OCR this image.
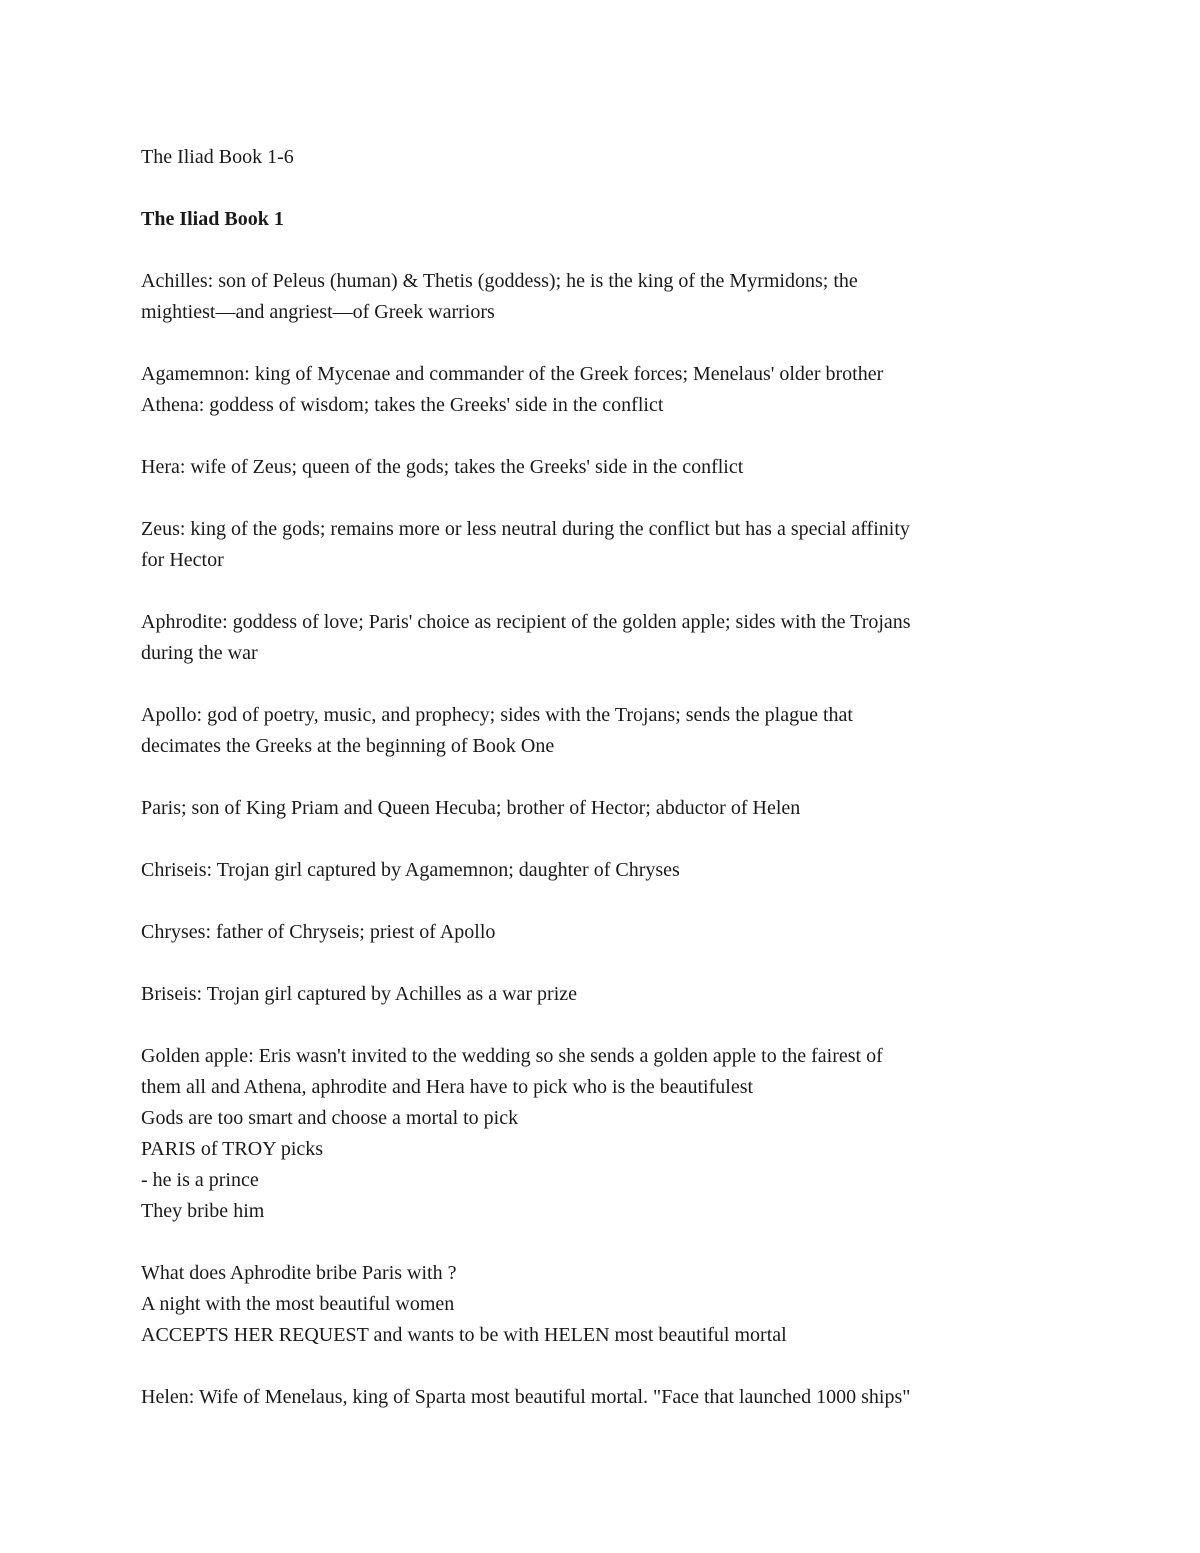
The Iliad Book 1-6

The Iliad Book 1

Achilles: son of Peleus (human) & Thetis (goddess); he is the king of the Myrmidons; the

mightiest—and angriest—of Greek warriors

Agamemnon: king of Mycenae and commander of the Greek forces; Menelaus' older brother

Athena: goddess of wisdom; takes the Greeks' side in the conflict

Hera: wife of Zeus; queen of the gods; takes the Greeks' side in the conflict

Zeus: king of the gods; remains more or less neutral during the conflict but has a special affinity

for Hector

Aphrodite: goddess of love; Paris' choice as recipient of the golden apple; sides with the Trojans

during the war

Apollo: god of poetry, music, and prophecy; sides with the Trojans; sends the plague that

decimates the Greeks at the beginning of Book One

Paris; son of King Priam and Queen Hecuba; brother of Hector; abductor of Helen

Chriseis: Trojan girl captured by Agamemnon; daughter of Chryses

Chryses: father of Chryseis; priest of Apollo

Briseis: Trojan girl captured by Achilles as a war prize

Golden apple: Eris wasn't invited to the wedding so she sends a golden apple to the fairest of

them all and Athena, aphrodite and Hera have to pick who is the beautifulest

Gods are too smart and choose a mortal to pick

PARIS of TROY picks

- he is a prince

They bribe him

What does Aphrodite bribe Paris with ?

A night with the most beautiful women

ACCEPTS HER REQUEST and wants to be with HELEN most beautiful mortal

Helen: Wife of Menelaus, king of Sparta most beautiful mortal. "Face that launched 1000 ships"
